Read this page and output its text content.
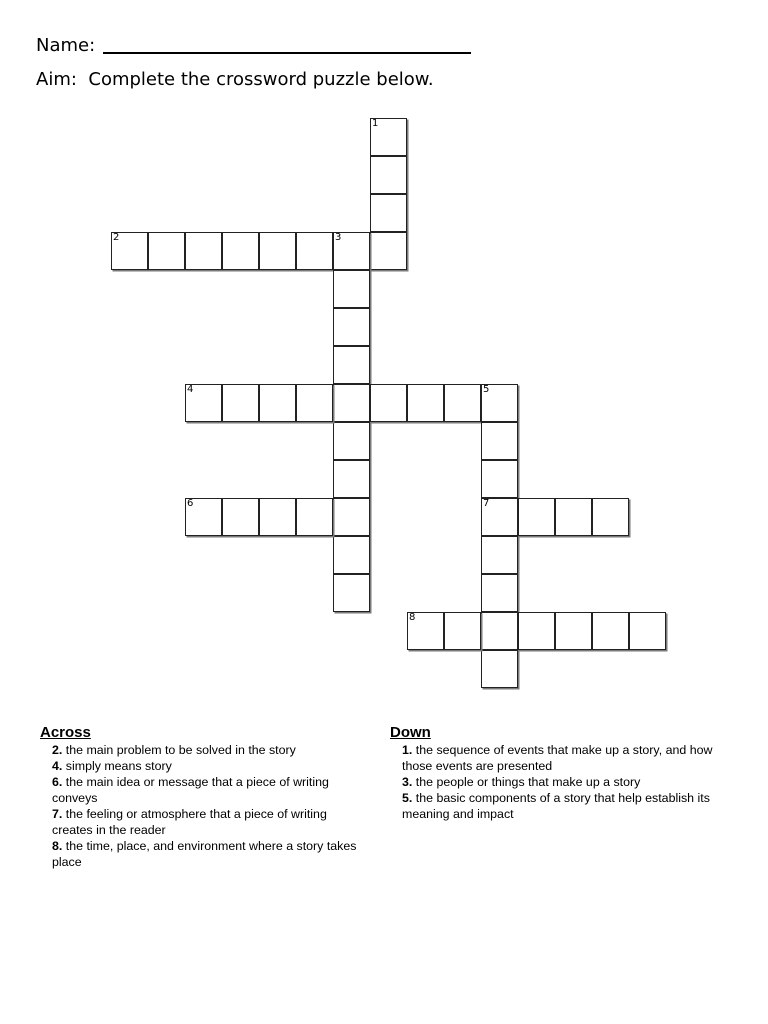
Name:
Aim: Complete the crossword puzzle below.
1
2	3
4	5
7
6
8
Across
2. the main problem to be solved in the story
4. simply means story
6. the main idea or message that a piece of writing conveys
7. the feeling or atmosphere that a piece of writing creates in the reader
8. the time, place, and environment where a story takes place
Down
1. the sequence of events that make up a story, and how those events are presented
3. the people or things that make up a story
5. the basic components of a story that help establish its meaning and impact
